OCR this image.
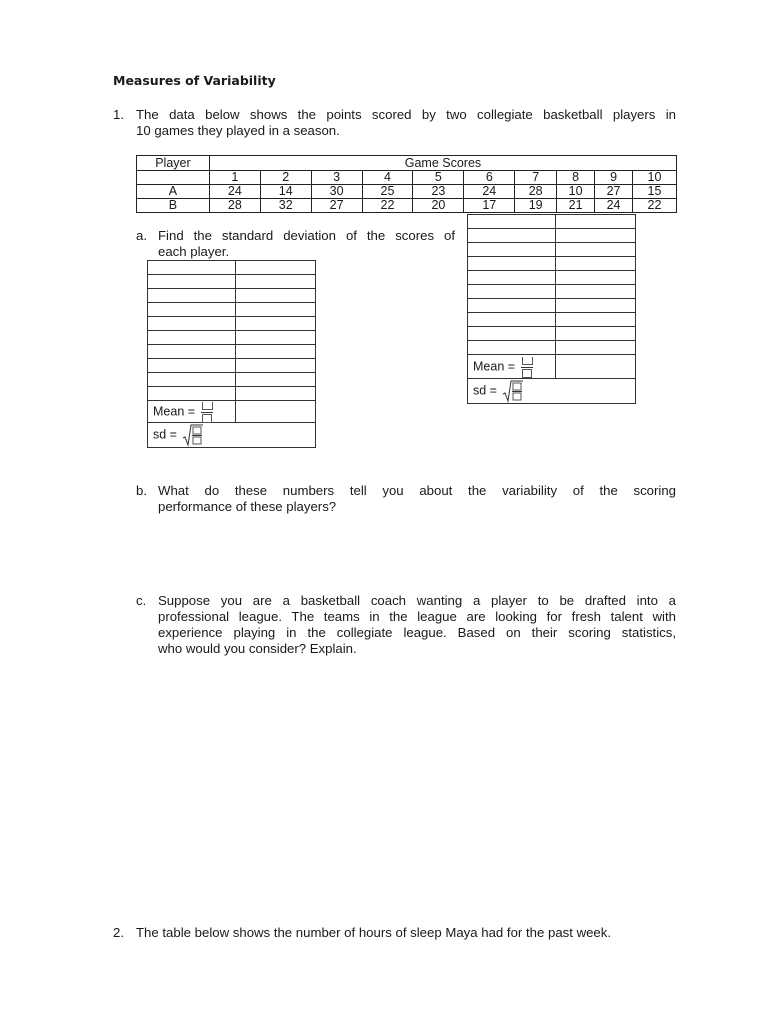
Measures of Variability
1. The data below shows the points scored by two collegiate basketball players in
10 games they played in a season.
Player	Game Scores									
	1	2	3	4	5	6	7	8	9	10
A	24	14	30	25	23	24	28	10	27	15
B	28	32	27	22	20	17	19	21	24	22
a. Find the standard deviation of the scores of
each player.

Mean =

sd =	

Mean =

sd =	
b. What do these numbers tell you about the variability of the scoring
performance of these players?
c. Suppose you are a basketball coach wanting a player to be drafted into a
professional league. The teams in the league are looking for fresh talent with
experience playing in the collegiate league. Based on their scoring statistics,
who would you consider? Explain.
2. The table below shows the number of hours of sleep Maya had for the past week.
